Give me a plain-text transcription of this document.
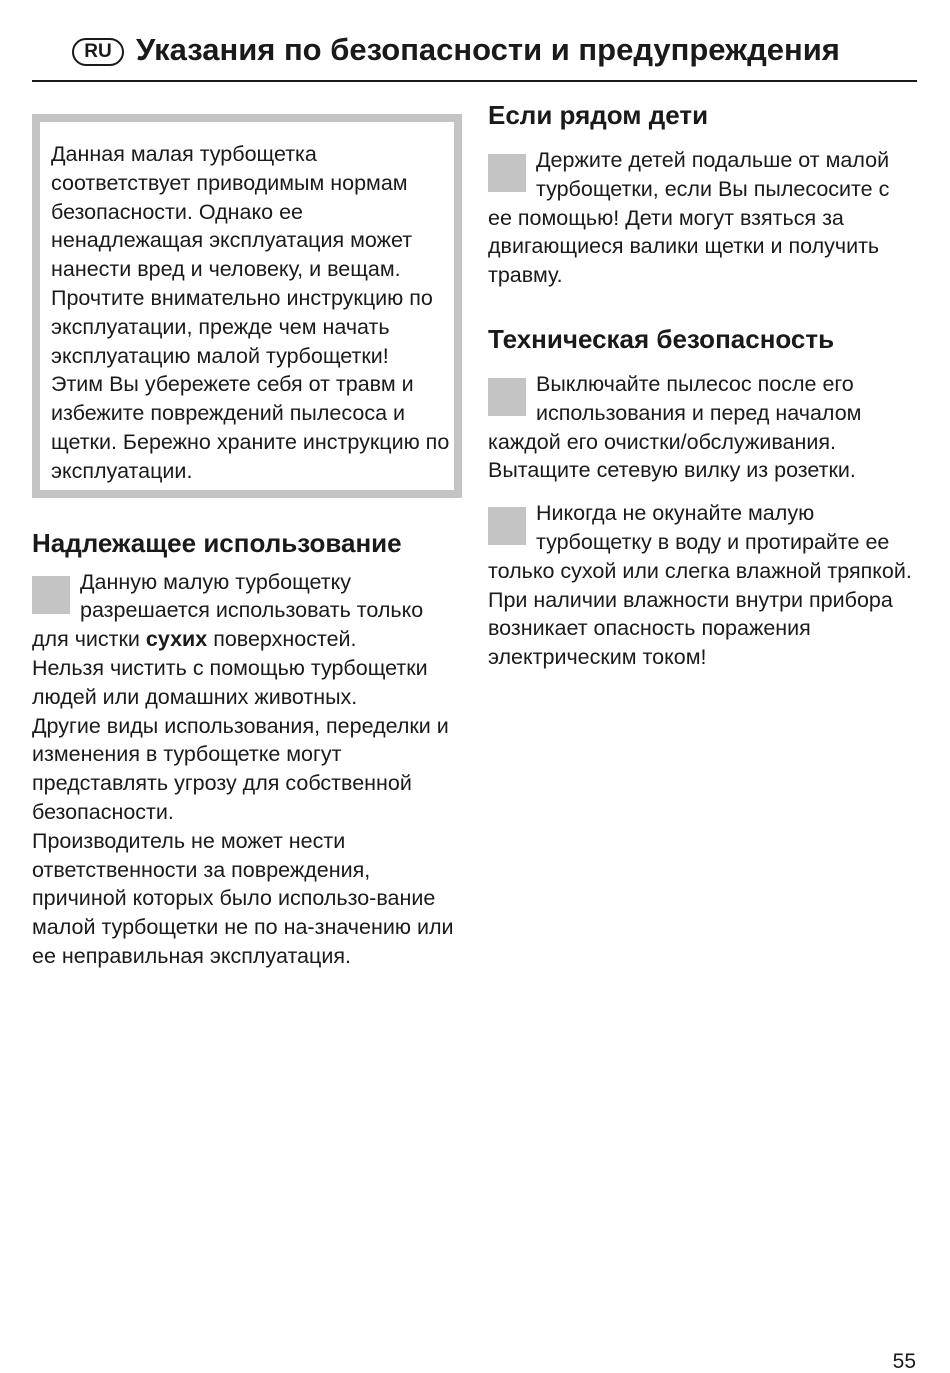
RU Указания по безопасности и предупреждения

Данная малая турбощетка соответствует приводимым нормам безопасности. Однако ее ненадлежащая эксплуатация может нанести вред и человеку, и вещам.

Прочтите внимательно инструкцию по эксплуатации, прежде чем начать эксплуатацию малой турбощетки!

Этим Вы убережете себя от травм и избежите повреждений пылесоса и щетки. Бережно храните инструкцию по эксплуатации.

Надлежащее использование

Данную малую турбощетку разрешается использовать только для чистки сухих поверхностей.

Нельзя чистить с помощью турбощетки людей или домашних животных.

Другие виды использования, переделки и изменения в турбощетке могут представлять угрозу для собственной безопасности.

Производитель не может нести ответственности за повреждения, причиной которых было использо-вание малой турбощетки не по на-значению или ее неправильная эксплуатация.

Если рядом дети

Держите детей подальше от малой турбощетки, если Вы пылесосите с ее помощью! Дети могут взяться за двигающиеся валики щетки и получить травму.

Техническая безопасность

Выключайте пылесос после его использования и перед началом каждой его очистки/обслуживания. Вытащите сетевую вилку из розетки.

Никогда не окунайте малую турбощетку в воду и протирайте ее только сухой или слегка влажной тряпкой. При наличии влажности внутри прибора возникает опасность поражения электрическим током!

55
